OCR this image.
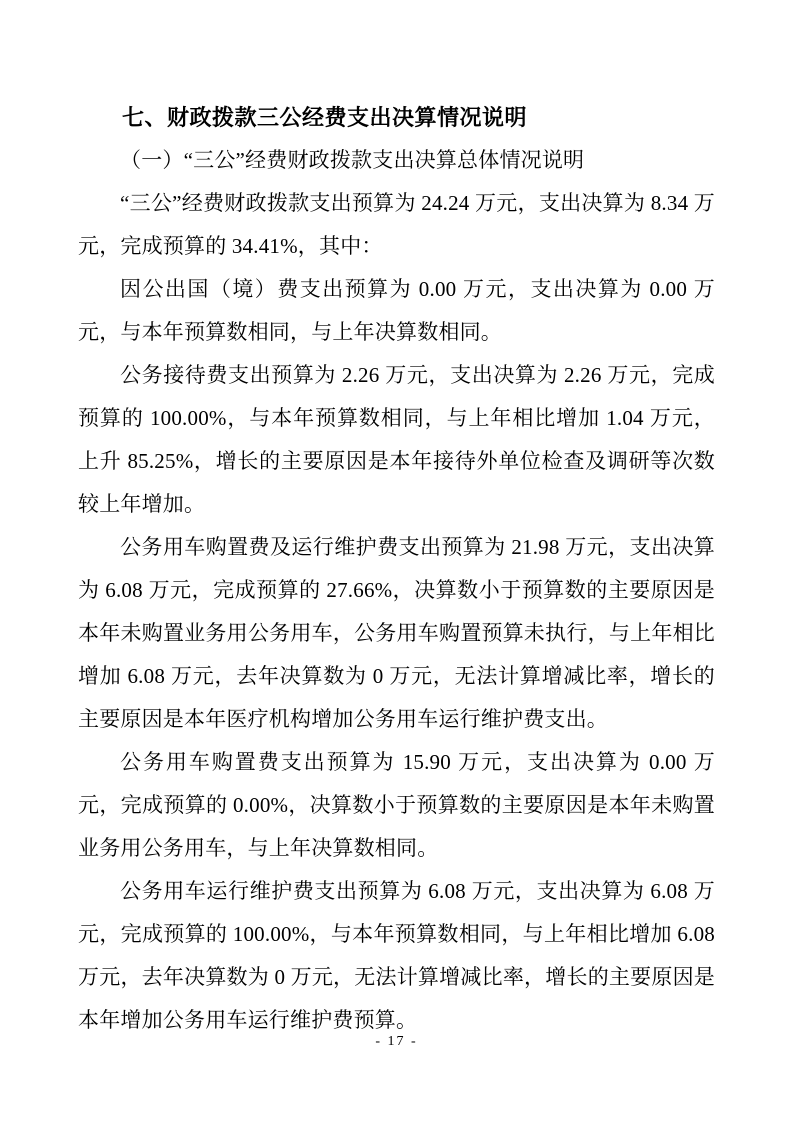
七、财政拨款三公经费支出决算情况说明

（一）“三公”经费财政拨款支出决算总体情况说明

“三公”经费财政拨款支出预算为 24.24 万元，支出决算为 8.34 万元，完成预算的 34.41%，其中：

因公出国（境）费支出预算为 0.00 万元，支出决算为 0.00 万元，与本年预算数相同，与上年决算数相同。

公务接待费支出预算为 2.26 万元，支出决算为 2.26 万元，完成预算的 100.00%，与本年预算数相同，与上年相比增加 1.04 万元，上升 85.25%，增长的主要原因是本年接待外单位检查及调研等次数较上年增加。

公务用车购置费及运行维护费支出预算为 21.98 万元，支出决算为 6.08 万元，完成预算的 27.66%，决算数小于预算数的主要原因是本年未购置业务用公务用车，公务用车购置预算未执行，与上年相比增加 6.08 万元，去年决算数为 0 万元，无法计算增减比率，增长的主要原因是本年医疗机构增加公务用车运行维护费支出。

公务用车购置费支出预算为 15.90 万元，支出决算为 0.00 万元，完成预算的 0.00%，决算数小于预算数的主要原因是本年未购置业务用公务用车，与上年决算数相同。

公务用车运行维护费支出预算为 6.08 万元，支出决算为 6.08 万元，完成预算的 100.00%，与本年预算数相同，与上年相比增加 6.08 万元，去年决算数为 0 万元，无法计算增减比率，增长的主要原因是本年增加公务用车运行维护费预算。

- 17 -
